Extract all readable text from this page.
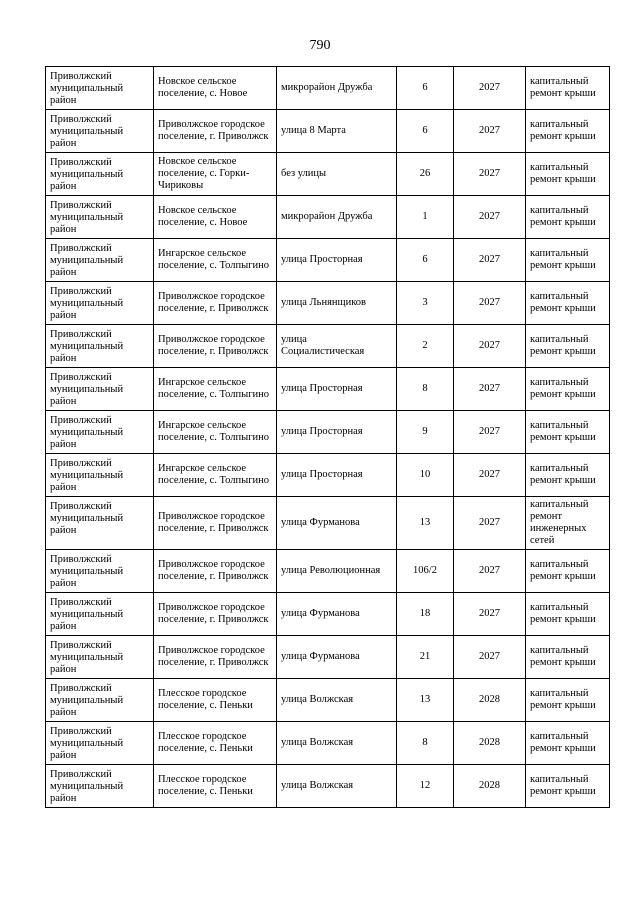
790
Приволжский муниципальный район	Новское сельское поселение, с. Новое	микрорайон Дружба	6	2027	капитальный ремонт крыши
Приволжский муниципальный район	Приволжское городское поселение, г. Приволжск	улица 8 Марта	6	2027	капитальный ремонт крыши
Приволжский муниципальный район	Новское сельское поселение, с. Горки-Чириковы	без улицы	26	2027	капитальный ремонт крыши
Приволжский муниципальный район	Новское сельское поселение, с. Новое	микрорайон Дружба	1	2027	капитальный ремонт крыши
Приволжский муниципальный район	Ингарское сельское поселение, с. Толпыгино	улица Просторная	6	2027	капитальный ремонт крыши
Приволжский муниципальный район	Приволжское городское поселение, г. Приволжск	улица Льнянщиков	3	2027	капитальный ремонт крыши
Приволжский муниципальный район	Приволжское городское поселение, г. Приволжск	улица Социалистическая	2	2027	капитальный ремонт крыши
Приволжский муниципальный район	Ингарское сельское поселение, с. Толпыгино	улица Просторная	8	2027	капитальный ремонт крыши
Приволжский муниципальный район	Ингарское сельское поселение, с. Толпыгино	улица Просторная	9	2027	капитальный ремонт крыши
Приволжский муниципальный район	Ингарское сельское поселение, с. Толпыгино	улица Просторная	10	2027	капитальный ремонт крыши
Приволжский муниципальный район	Приволжское городское поселение, г. Приволжск	улица Фурманова	13	2027	капитальный ремонт инженерных сетей
Приволжский муниципальный район	Приволжское городское поселение, г. Приволжск	улица Революционная	106/2	2027	капитальный ремонт крыши
Приволжский муниципальный район	Приволжское городское поселение, г. Приволжск	улица Фурманова	18	2027	капитальный ремонт крыши
Приволжский муниципальный район	Приволжское городское поселение, г. Приволжск	улица Фурманова	21	2027	капитальный ремонт крыши
Приволжский муниципальный район	Плесское городское поселение, с. Пеньки	улица Волжская	13	2028	капитальный ремонт крыши
Приволжский муниципальный район	Плесское городское поселение, с. Пеньки	улица Волжская	8	2028	капитальный ремонт крыши
Приволжский муниципальный район	Плесское городское поселение, с. Пеньки	улица Волжская	12	2028	капитальный ремонт крыши
